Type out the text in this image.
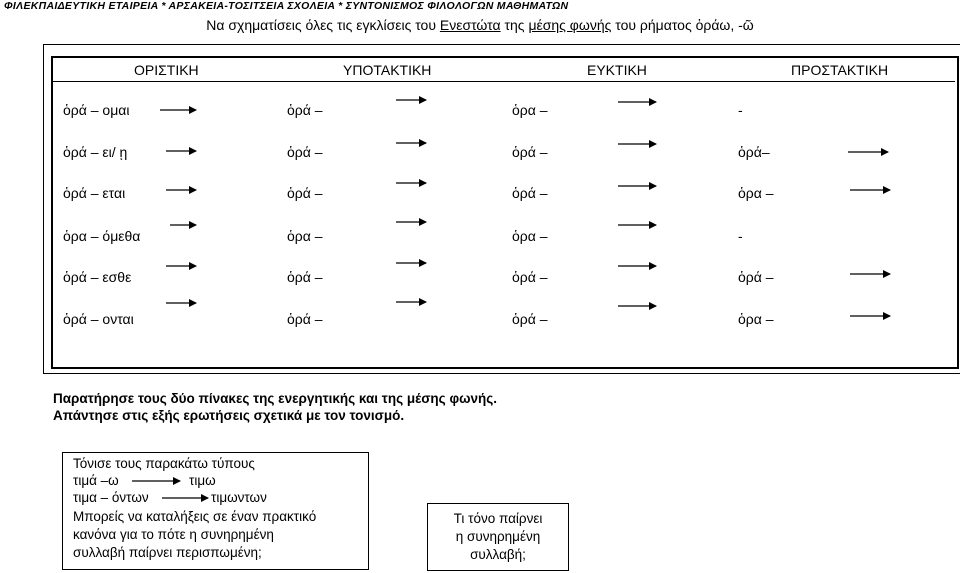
ΦΙΛΕΚΠΑΙΔΕΥΤΙΚΗ ΕΤΑΙΡΕΙΑ * ΑΡΣΑΚΕΙΑ-ΤΟΣΙΤΣΕΙΑ ΣΧΟΛΕΙΑ * ΣΥΝΤΟΝΙΣΜΟΣ ΦΙΛΟΛΟΓΩΝ ΜΑΘΗΜΑΤΩΝ
Να σχηματίσεις όλες τις εγκλίσεις του Ενεστώτα της μέσης φωνής του ρήματος ὁράω, -ῶ
ΟΡΙΣΤΙΚΗ	ΥΠΟΤΑΚΤΙΚΗ	ΕΥΚΤΙΚΗ	ΠΡΟΣΤΑΚΤΙΚΗ
ὁρά – ομαι	ὁρά –	ὁρα –	-
ὁρά – ει/ ῃ	ὁρά –	ὁρά –	ὁρά–
ὁρά – εται	ὁρά –	ὁρά –	ὁρα –
ὁρα – όμεθα	ὁρα –	ὁρα –	-
ὁρά – εσθε	ὁρά –	ὁρά –	ὁρά –
ὁρά – ονται	ὁρά –	ὁρά –	ὁρα –
Παρατήρησε τους δύο πίνακες της ενεργητικής και της μέσης φωνής.
Απάντησε στις εξής ερωτήσεις σχετικά με τον τονισμό.
Τόνισε τους παρακάτω τύπους
τιμά –ω	τιμω
τιμα – όντων	τιμωντων
Μπορείς να καταλήξεις σε έναν πρακτικό
κανόνα για το πότε η συνηρημένη
συλλαβή παίρνει περισπωμένη;
Τι τόνο παίρνει
η συνηρημένη
συλλαβή;
